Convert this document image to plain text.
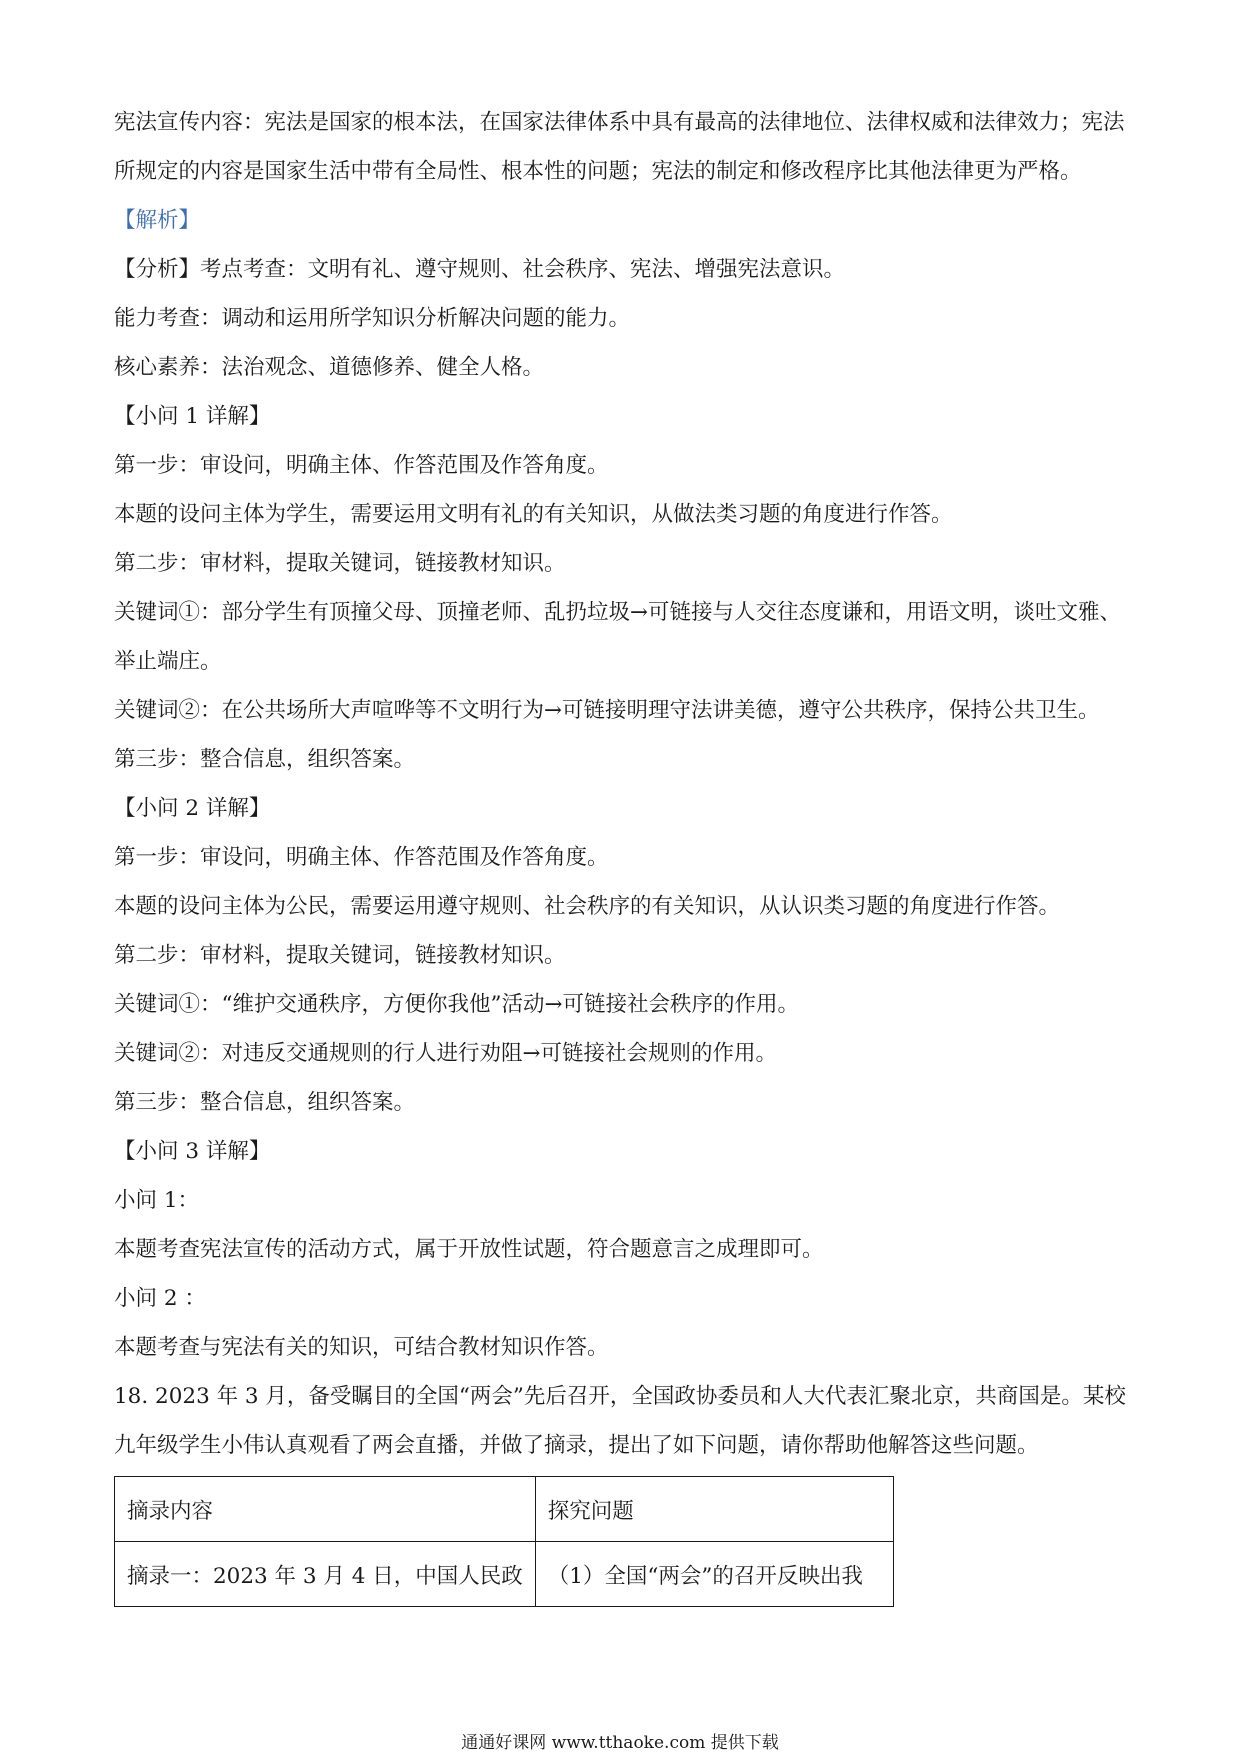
宪法宣传内容：宪法是国家的根本法，在国家法律体系中具有最高的法律地位、法律权威和法律效力；宪法所规定的内容是国家生活中带有全局性、根本性的问题；宪法的制定和修改程序比其他法律更为严格。

【解析】

【分析】考点考查：文明有礼、遵守规则、社会秩序、宪法、增强宪法意识。

能力考查：调动和运用所学知识分析解决问题的能力。

核心素养：法治观念、道德修养、健全人格。

【小问 1 详解】

第一步：审设问，明确主体、作答范围及作答角度。

本题的设问主体为学生，需要运用文明有礼的有关知识，从做法类习题的角度进行作答。

第二步：审材料，提取关键词，链接教材知识。

关键词①：部分学生有顶撞父母、顶撞老师、乱扔垃圾→可链接与人交往态度谦和，用语文明，谈吐文雅、举止端庄。

关键词②：在公共场所大声喧哗等不文明行为→可链接明理守法讲美德，遵守公共秩序，保持公共卫生。

第三步：整合信息，组织答案。

【小问 2 详解】

第一步：审设问，明确主体、作答范围及作答角度。

本题的设问主体为公民，需要运用遵守规则、社会秩序的有关知识，从认识类习题的角度进行作答。

第二步：审材料，提取关键词，链接教材知识。

关键词①：“维护交通秩序，方便你我他”活动→可链接社会秩序的作用。

关键词②：对违反交通规则的行人进行劝阻→可链接社会规则的作用。

第三步：整合信息，组织答案。

【小问 3 详解】

小问 1：

本题考查宪法宣传的活动方式，属于开放性试题，符合题意言之成理即可。

小问 2 ：

本题考查与宪法有关的知识，可结合教材知识作答。

18. 2023 年 3 月，备受瞩目的全国“两会”先后召开，全国政协委员和人大代表汇聚北京，共商国是。某校九年级学生小伟认真观看了两会直播，并做了摘录，提出了如下问题，请你帮助他解答这些问题。

摘录内容	探究问题
摘录一：2023 年 3 月 4 日，中国人民政	（1）全国“两会”的召开反映出我
通通好课网 www.tthaoke.com 提供下载
